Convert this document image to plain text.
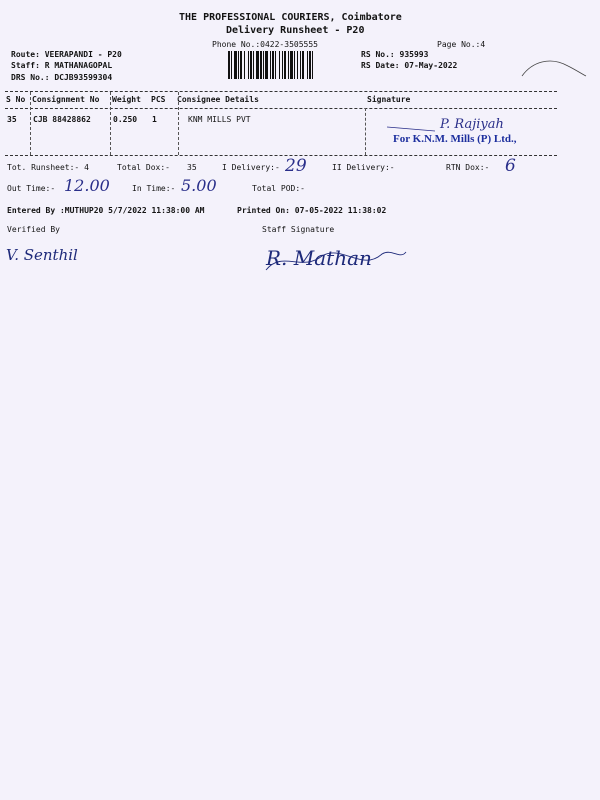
THE PROFESSIONAL COURIERS, Coimbatore
Delivery Runsheet - P20
Phone No.:0422-3505555	Page No.:4
Route: VEERAPANDI - P20
Staff: R MATHANAGOPAL
DRS No.: DCJB93599304
RS No.: 935993
RS Date: 07-May-2022
S No Consignment No Weight PCS Consignee Details	Signature
35 CJB 88428862	0.250 1	KNM MILLS PVT	P. Rajiyah
For K.N.M. Mills (P) Ltd.,
Tot. Runsheet:- 4	Total Dox:- 35	I Delivery:- 29	II Delivery:-	RTN Dox:- 6
Out Time:- 12.00	In Time:- 5.00	Total POD:-
Entered By :MUTHUP20 5/7/2022 11:38:00 AM	Printed On: 07-05-2022 11:38:02
Verified By	Staff Signature
V. Senthil	R. Mathan
